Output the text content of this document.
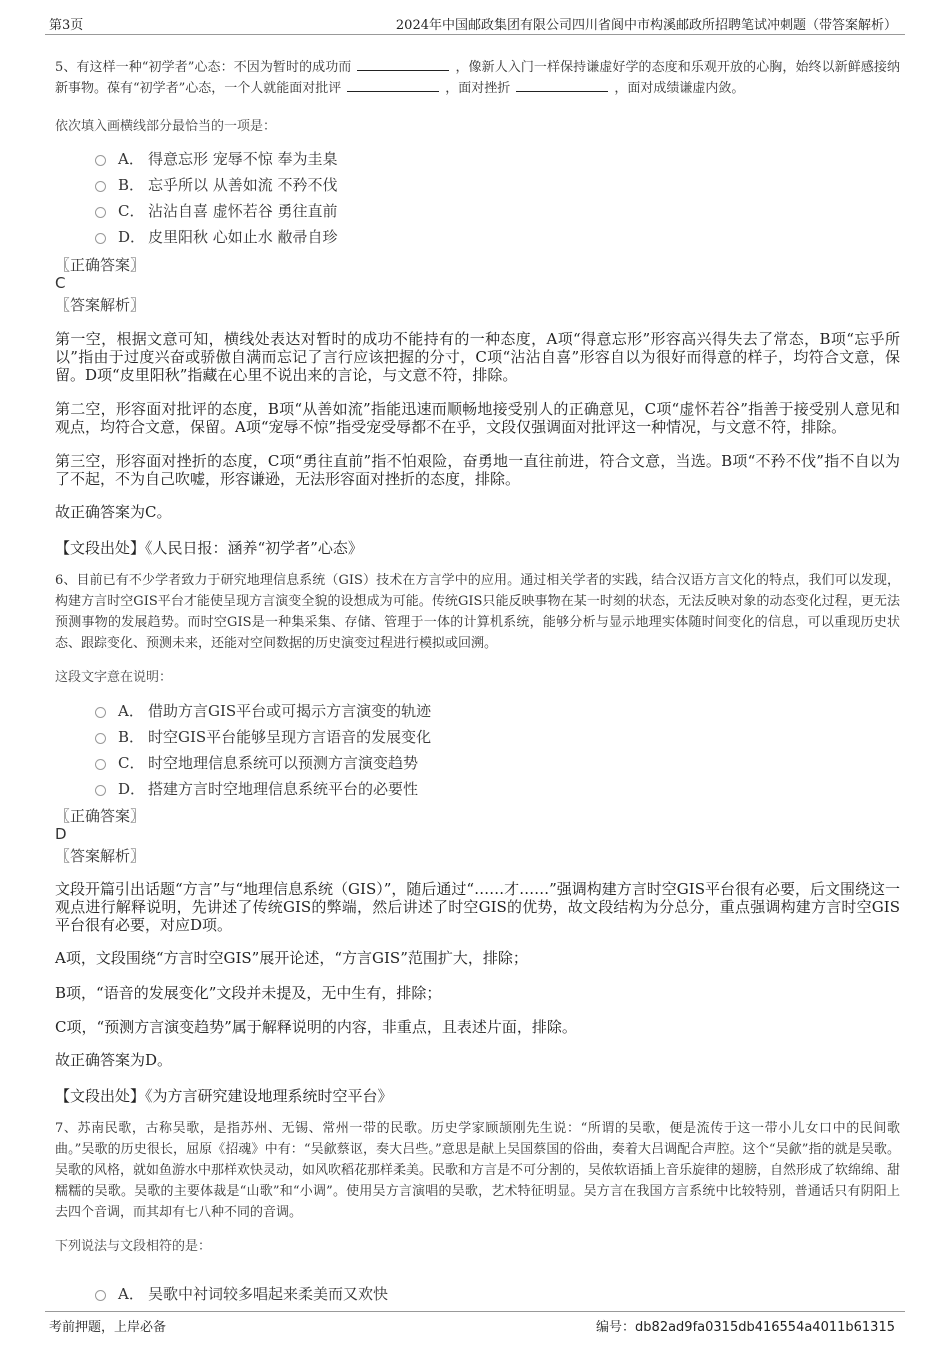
第3页	2024年中国邮政集团有限公司四川省阆中市构溪邮政所招聘笔试冲刺题（带答案解析）
5、有这样一种“初学者”心态：不因为暂时的成功而	，像新人入门一样保持谦虚好学的态度和乐观开放的心胸，始终以新鲜感接纳新事物。葆有“初学者”心态，一个人就能面对批评	，面对挫折	，面对成绩谦虚内敛。
依次填入画横线部分最恰当的一项是：
A． 得意忘形 宠辱不惊 奉为圭臬
B． 忘乎所以 从善如流 不矜不伐
C． 沾沾自喜 虚怀若谷 勇往直前
D． 皮里阳秋 心如止水 敝帚自珍
〖正确答案〗
C
〖答案解析〗
第一空，根据文意可知，横线处表达对暂时的成功不能持有的一种态度，A项“得意忘形”形容高兴得失去了常态，B项“忘乎所以”指由于过度兴奋或骄傲自满而忘记了言行应该把握的分寸，C项“沾沾自喜”形容自以为很好而得意的样子，均符合文意，保留。D项“皮里阳秋”指藏在心里不说出来的言论，与文意不符，排除。
第二空，形容面对批评的态度，B项“从善如流”指能迅速而顺畅地接受别人的正确意见，C项“虚怀若谷”指善于接受别人意见和观点，均符合文意，保留。A项“宠辱不惊”指受宠受辱都不在乎，文段仅强调面对批评这一种情况，与文意不符，排除。
第三空，形容面对挫折的态度，C项“勇往直前”指不怕艰险，奋勇地一直往前进，符合文意，当选。B项“不矜不伐”指不自以为了不起，不为自己吹嘘，形容谦逊，无法形容面对挫折的态度，排除。
故正确答案为C。
【文段出处】《人民日报：涵养“初学者”心态》
6、目前已有不少学者致力于研究地理信息系统（GIS）技术在方言学中的应用。通过相关学者的实践，结合汉语方言文化的特点，我们可以发现，构建方言时空GIS平台才能使呈现方言演变全貌的设想成为可能。传统GIS只能反映事物在某一时刻的状态，无法反映对象的动态变化过程，更无法预测事物的发展趋势。而时空GIS是一种集采集、存储、管理于一体的计算机系统，能够分析与显示地理实体随时间变化的信息，可以重现历史状态、跟踪变化、预测未来，还能对空间数据的历史演变过程进行模拟或回溯。
这段文字意在说明：
A． 借助方言GIS平台或可揭示方言演变的轨迹
B． 时空GIS平台能够呈现方言语音的发展变化
C． 时空地理信息系统可以预测方言演变趋势
D． 搭建方言时空地理信息系统平台的必要性
〖正确答案〗
D
〖答案解析〗
文段开篇引出话题“方言”与“地理信息系统（GIS）”，随后通过“……才……”强调构建方言时空GIS平台很有必要，后文围绕这一观点进行解释说明，先讲述了传统GIS的弊端，然后讲述了时空GIS的优势，故文段结构为分总分，重点强调构建方言时空GIS平台很有必要，对应D项。
A项，文段围绕“方言时空GIS”展开论述，“方言GIS”范围扩大，排除；
B项，“语音的发展变化”文段并未提及，无中生有，排除；
C项，“预测方言演变趋势”属于解释说明的内容，非重点，且表述片面，排除。
故正确答案为D。
【文段出处】《为方言研究建设地理系统时空平台》
7、苏南民歌，古称吴歌，是指苏州、无锡、常州一带的民歌。历史学家顾颉刚先生说：“所谓的吴歌，便是流传于这一带小儿女口中的民间歌曲。”吴歌的历史很长，屈原《招魂》中有：“吴歈蔡讴，奏大吕些。”意思是献上吴国蔡国的俗曲，奏着大吕调配合声腔。这个“吴歈”指的就是吴歌。吴歌的风格，就如鱼游水中那样欢快灵动，如风吹稻花那样柔美。民歌和方言是不可分割的，吴侬软语插上音乐旋律的翅膀，自然形成了软绵绵、甜糯糯的吴歌。吴歌的主要体裁是“山歌”和“小调”。使用吴方言演唱的吴歌，艺术特征明显。吴方言在我国方言系统中比较特别，普通话只有阴阳上去四个音调，而其却有七八种不同的音调。
下列说法与文段相符的是：
A． 吴歌中衬词较多唱起来柔美而又欢快
考前押题，上岸必备	编号：db82ad9fa0315db416554a4011b61315
